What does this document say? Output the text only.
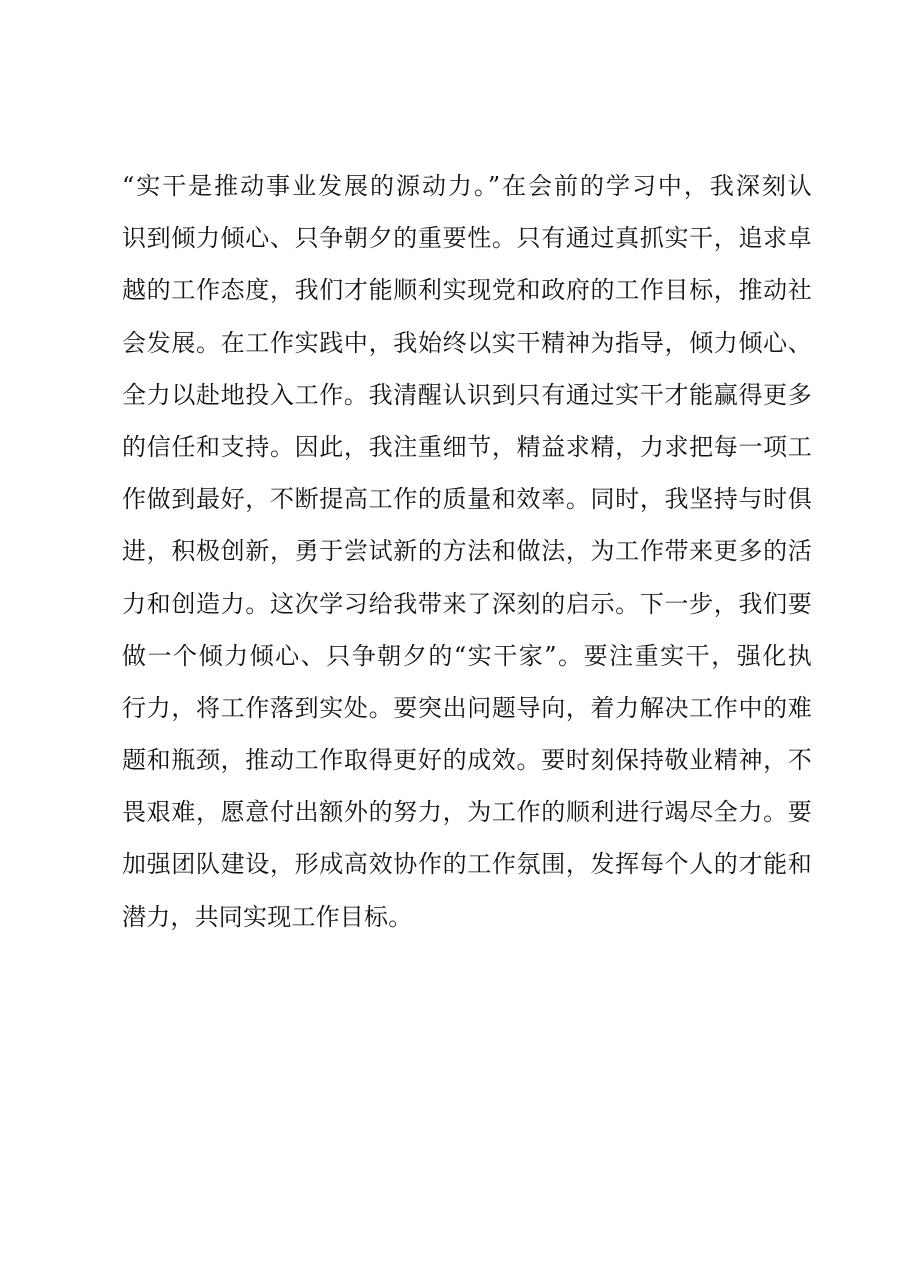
“实干是推动事业发展的源动力。”在会前的学习中，我深刻认
识到倾力倾心、只争朝夕的重要性。只有通过真抓实干，追求卓
越的工作态度，我们才能顺利实现党和政府的工作目标，推动社
会发展。在工作实践中，我始终以实干精神为指导，倾力倾心、
全力以赴地投入工作。我清醒认识到只有通过实干才能赢得更多
的信任和支持。因此，我注重细节，精益求精，力求把每一项工
作做到最好，不断提高工作的质量和效率。同时，我坚持与时俱
进，积极创新，勇于尝试新的方法和做法，为工作带来更多的活
力和创造力。这次学习给我带来了深刻的启示。下一步，我们要
做一个倾力倾心、只争朝夕的“实干家”。要注重实干，强化执
行力，将工作落到实处。要突出问题导向，着力解决工作中的难
题和瓶颈，推动工作取得更好的成效。要时刻保持敬业精神，不
畏艰难，愿意付出额外的努力，为工作的顺利进行竭尽全力。要
加强团队建设，形成高效协作的工作氛围，发挥每个人的才能和
潜力，共同实现工作目标。
